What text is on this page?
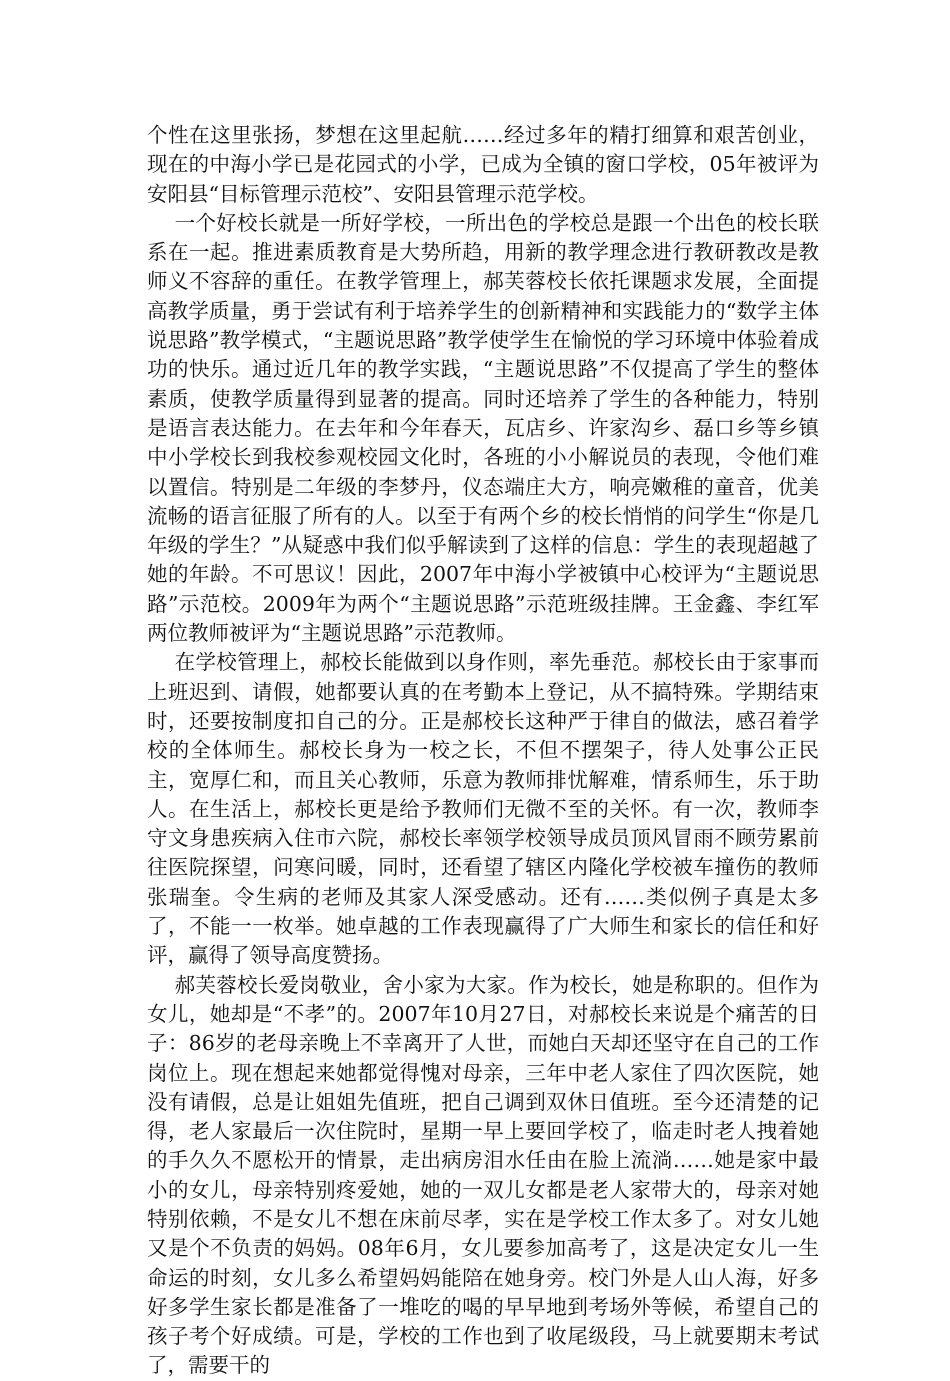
个性在这里张扬，梦想在这里起航……经过多年的精打细算和艰苦创业，现在的中海小学已是花园式的小学，已成为全镇的窗口学校，05年被评为安阳县“目标管理示范校”、安阳县管理示范学校。

一个好校长就是一所好学校，一所出色的学校总是跟一个出色的校长联系在一起。推进素质教育是大势所趋，用新的教学理念进行教研教改是教师义不容辞的重任。在教学管理上，郝芙蓉校长依托课题求发展，全面提高教学质量，勇于尝试有利于培养学生的创新精神和实践能力的“数学主体说思路”教学模式，“主题说思路”教学使学生在愉悦的学习环境中体验着成功的快乐。通过近几年的教学实践，“主题说思路”不仅提高了学生的整体素质，使教学质量得到显著的提高。同时还培养了学生的各种能力，特别是语言表达能力。在去年和今年春天，瓦店乡、许家沟乡、磊口乡等乡镇中小学校长到我校参观校园文化时，各班的小小解说员的表现，令他们难以置信。特别是二年级的李梦丹，仪态端庄大方，响亮嫩稚的童音，优美流畅的语言征服了所有的人。以至于有两个乡的校长悄悄的问学生“你是几年级的学生？”从疑惑中我们似乎解读到了这样的信息：学生的表现超越了她的年龄。不可思议！因此，2007年中海小学被镇中心校评为“主题说思路”示范校。2009年为两个“主题说思路”示范班级挂牌。王金鑫、李红军两位教师被评为“主题说思路”示范教师。

在学校管理上，郝校长能做到以身作则，率先垂范。郝校长由于家事而上班迟到、请假，她都要认真的在考勤本上登记，从不搞特殊。学期结束时，还要按制度扣自己的分。正是郝校长这种严于律自的做法，感召着学校的全体师生。郝校长身为一校之长，不但不摆架子，待人处事公正民主，宽厚仁和，而且关心教师，乐意为教师排忧解难，情系师生，乐于助人。在生活上，郝校长更是给予教师们无微不至的关怀。有一次，教师李守文身患疾病入住市六院，郝校长率领学校领导成员顶风冒雨不顾劳累前往医院探望，问寒问暖，同时，还看望了辖区内隆化学校被车撞伤的教师张瑞奎。令生病的老师及其家人深受感动。还有……类似例子真是太多了，不能一一枚举。她卓越的工作表现赢得了广大师生和家长的信任和好评，赢得了领导高度赞扬。

郝芙蓉校长爱岗敬业，舍小家为大家。作为校长，她是称职的。但作为女儿，她却是“不孝”的。2007年10月27日，对郝校长来说是个痛苦的日子：86岁的老母亲晚上不幸离开了人世，而她白天却还坚守在自己的工作岗位上。现在想起来她都觉得愧对母亲，三年中老人家住了四次医院，她没有请假，总是让姐姐先值班，把自己调到双休日值班。至今还清楚的记得，老人家最后一次住院时，星期一早上要回学校了，临走时老人拽着她的手久久不愿松开的情景，走出病房泪水任由在脸上流淌……她是家中最小的女儿，母亲特别疼爱她，她的一双儿女都是老人家带大的，母亲对她特别依赖，不是女儿不想在床前尽孝，实在是学校工作太多了。对女儿她又是个不负责的妈妈。08年6月，女儿要参加高考了，这是决定女儿一生命运的时刻，女儿多么希望妈妈能陪在她身旁。校门外是人山人海，好多好多学生家长都是准备了一堆吃的喝的早早地到考场外等候，希望自己的孩子考个好成绩。可是，学校的工作也到了收尾级段，马上就要期末考试了，需要干的
